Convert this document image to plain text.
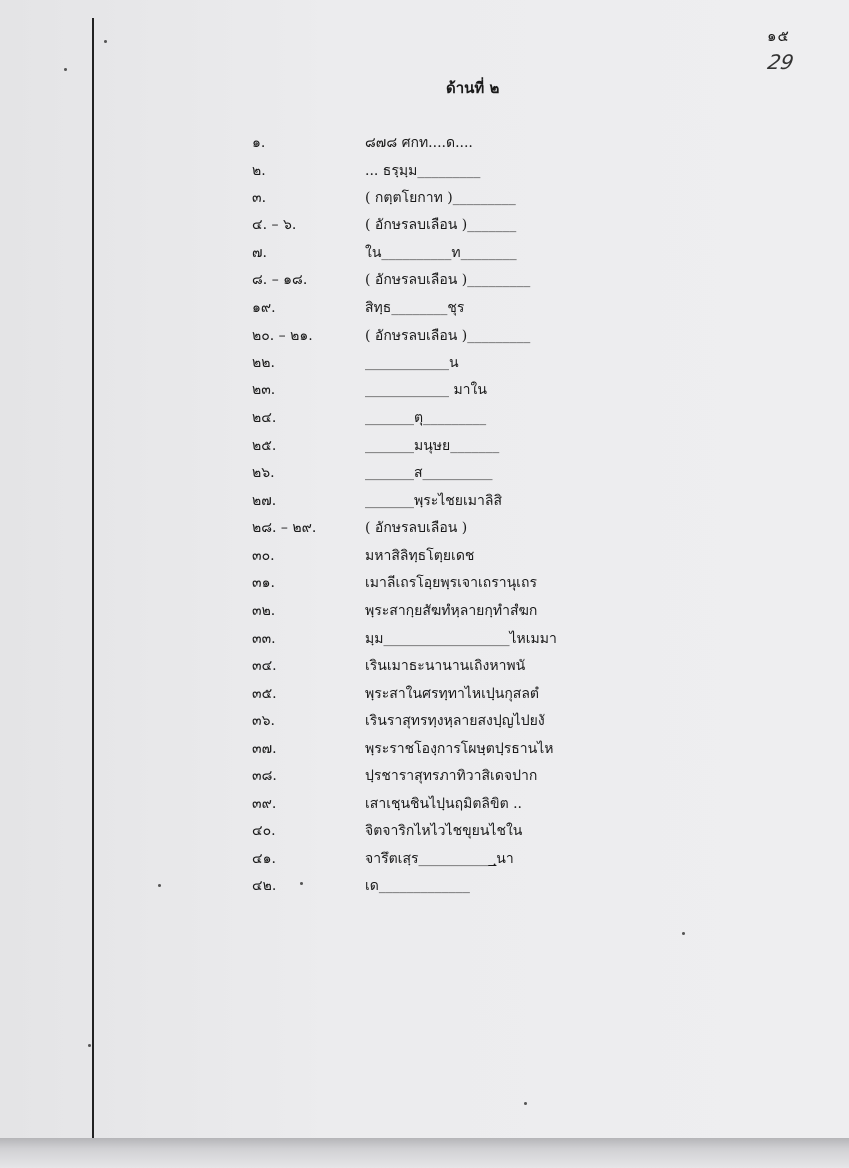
๑๕
29
ด้านที่ ๒
๑.	๘๗๘ ศกท....ด....
๒.	... ธรฺมฺม_________
๓.	( กตฺตโยกาท )_________
๔. – ๖.	( อักษรลบเลือน )_______
๗.	ใน__________ท________
๘. – ๑๘.	( อักษรลบเลือน )_________
๑๙.	สิทฺธ________ชุร
๒๐. – ๒๑.	( อักษรลบเลือน )_________
๒๒.	____________น
๒๓.	____________ มาใน
๒๔.	_______ตุ_________
๒๕.	_______มนุษย_______
๒๖.	_______ส__________
๒๗.	_______พฺระไชยเมาลิสิ
๒๘. – ๒๙.	( อักษรลบเลือน )
๓๐.	มหาสิลิทฺธโตฺยเดช
๓๑.	เมาลีเถรโอฺยพฺรเจาเถรานุเถร
๓๒.	พฺระสากฺยสัฆทํหฺลายกฺทําสํฆก
๓๓.	มฺม__________________ไหเมมา
๓๔.	เรินเมาธะนานานเถิงหาพนั
๓๕.	พฺระสาในศรทฺทาไหเปฺนกุสลตํ
๓๖.	เรินราสุทรทฺงหฺลายสงปฺญไปยงั
๓๗.	พฺระราชโองฺการโผษฺตปฺรธานไห
๓๘.	ปฺรชาราสุทรภาทิวาสิเดจปาก
๓๙.	เสาเชฺนชินไปฺนฤมิตลิขิต ..
๔๐.	จิตจาริกไหไวไชขุยนไชใน
๔๑.	จารึตเสฺร___________ฺนา
๔๒.	เด_____________
